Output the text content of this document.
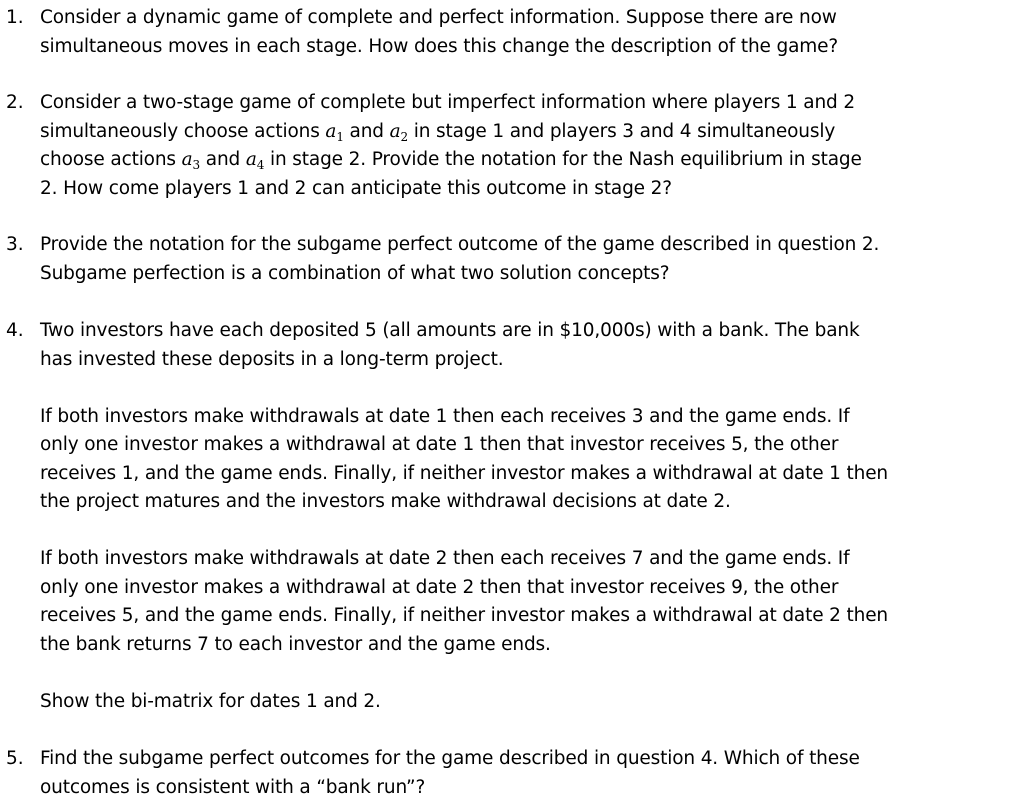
1. Consider a dynamic game of complete and perfect information. Suppose there are now
simultaneous moves in each stage. How does this change the description of the game?
2. Consider a two-stage game of complete but imperfect information where players 1 and 2
simultaneously choose actions $a_1$ and $a_2$ in stage 1 and players 3 and 4 simultaneously
choose actions $a_3$ and $a_4$ in stage 2. Provide the notation for the Nash equilibrium in stage
2. How come players 1 and 2 can anticipate this outcome in stage 2?
3. Provide the notation for the subgame perfect outcome of the game described in question 2.
Subgame perfection is a combination of what two solution concepts?
4. Two investors have each deposited 5 (all amounts are in $10,000s) with a bank. The bank
has invested these deposits in a long-term project.
If both investors make withdrawals at date 1 then each receives 3 and the game ends. If
only one investor makes a withdrawal at date 1 then that investor receives 5, the other
receives 1, and the game ends. Finally, if neither investor makes a withdrawal at date 1 then
the project matures and the investors make withdrawal decisions at date 2.
If both investors make withdrawals at date 2 then each receives 7 and the game ends. If
only one investor makes a withdrawal at date 2 then that investor receives 9, the other
receives 5, and the game ends. Finally, if neither investor makes a withdrawal at date 2 then
the bank returns 7 to each investor and the game ends.
Show the bi-matrix for dates 1 and 2.
5. Find the subgame perfect outcomes for the game described in question 4. Which of these
outcomes is consistent with a “bank run”?
